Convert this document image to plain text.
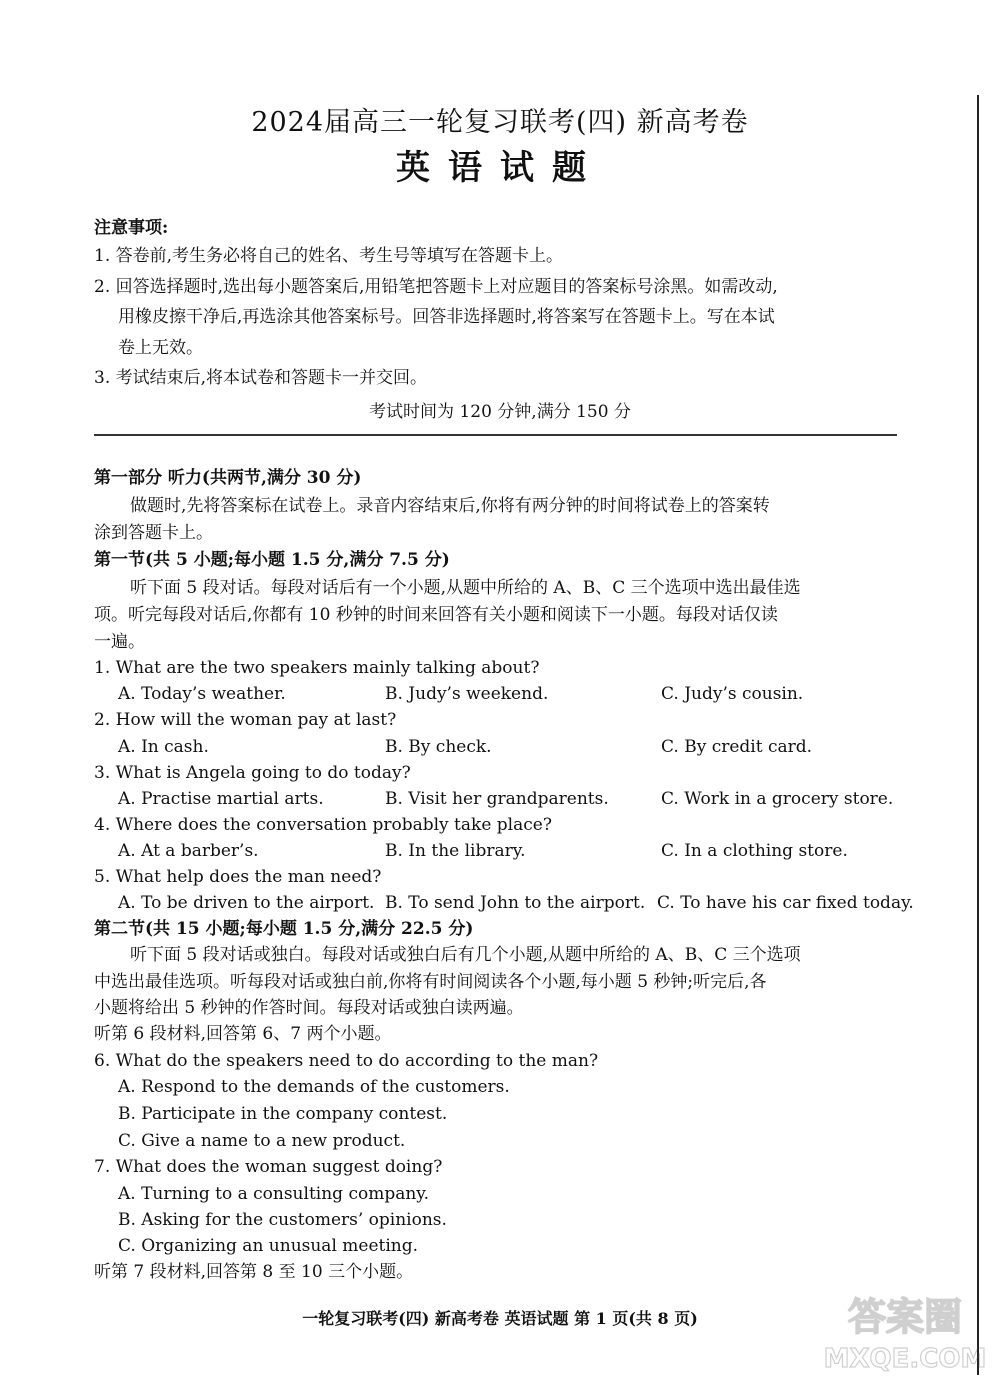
2024届高三一轮复习联考(四) 新高考卷
英语试题
注意事项:
1. 答卷前,考生务必将自己的姓名、考生号等填写在答题卡上。
2. 回答选择题时,选出每小题答案后,用铅笔把答题卡上对应题目的答案标号涂黑。如需改动,
用橡皮擦干净后,再选涂其他答案标号。回答非选择题时,将答案写在答题卡上。写在本试
卷上无效。
3. 考试结束后,将本试卷和答题卡一并交回。
考试时间为 120 分钟,满分 150 分
第一部分 听力(共两节,满分 30 分)
做题时,先将答案标在试卷上。录音内容结束后,你将有两分钟的时间将试卷上的答案转
涂到答题卡上。
第一节(共 5 小题;每小题 1.5 分,满分 7.5 分)
听下面 5 段对话。每段对话后有一个小题,从题中所给的 A、B、C 三个选项中选出最佳选
项。听完每段对话后,你都有 10 秒钟的时间来回答有关小题和阅读下一小题。每段对话仅读
一遍。
1. What are the two speakers mainly talking about?
A. Today’s weather.	B. Judy’s weekend.	C. Judy’s cousin.
2. How will the woman pay at last?
A. In cash.	B. By check.	C. By credit card.
3. What is Angela going to do today?
A. Practise martial arts.	B. Visit her grandparents.	C. Work in a grocery store.
4. Where does the conversation probably take place?
A. At a barber’s.	B. In the library.	C. In a clothing store.
5. What help does the man need?
A. To be driven to the airport. B. To send John to the airport. C. To have his car fixed today.
第二节(共 15 小题;每小题 1.5 分,满分 22.5 分)
听下面 5 段对话或独白。每段对话或独白后有几个小题,从题中所给的 A、B、C 三个选项
中选出最佳选项。听每段对话或独白前,你将有时间阅读各个小题,每小题 5 秒钟;听完后,各
小题将给出 5 秒钟的作答时间。每段对话或独白读两遍。
听第 6 段材料,回答第 6、7 两个小题。
6. What do the speakers need to do according to the man?
A. Respond to the demands of the customers.
B. Participate in the company contest.
C. Give a name to a new product.
7. What does the woman suggest doing?
A. Turning to a consulting company.
B. Asking for the customers’ opinions.
C. Organizing an unusual meeting.
听第 7 段材料,回答第 8 至 10 三个小题。
一轮复习联考(四) 新高考卷 英语试题 第 1 页(共 8 页)	答案圈
MXQE.COM
